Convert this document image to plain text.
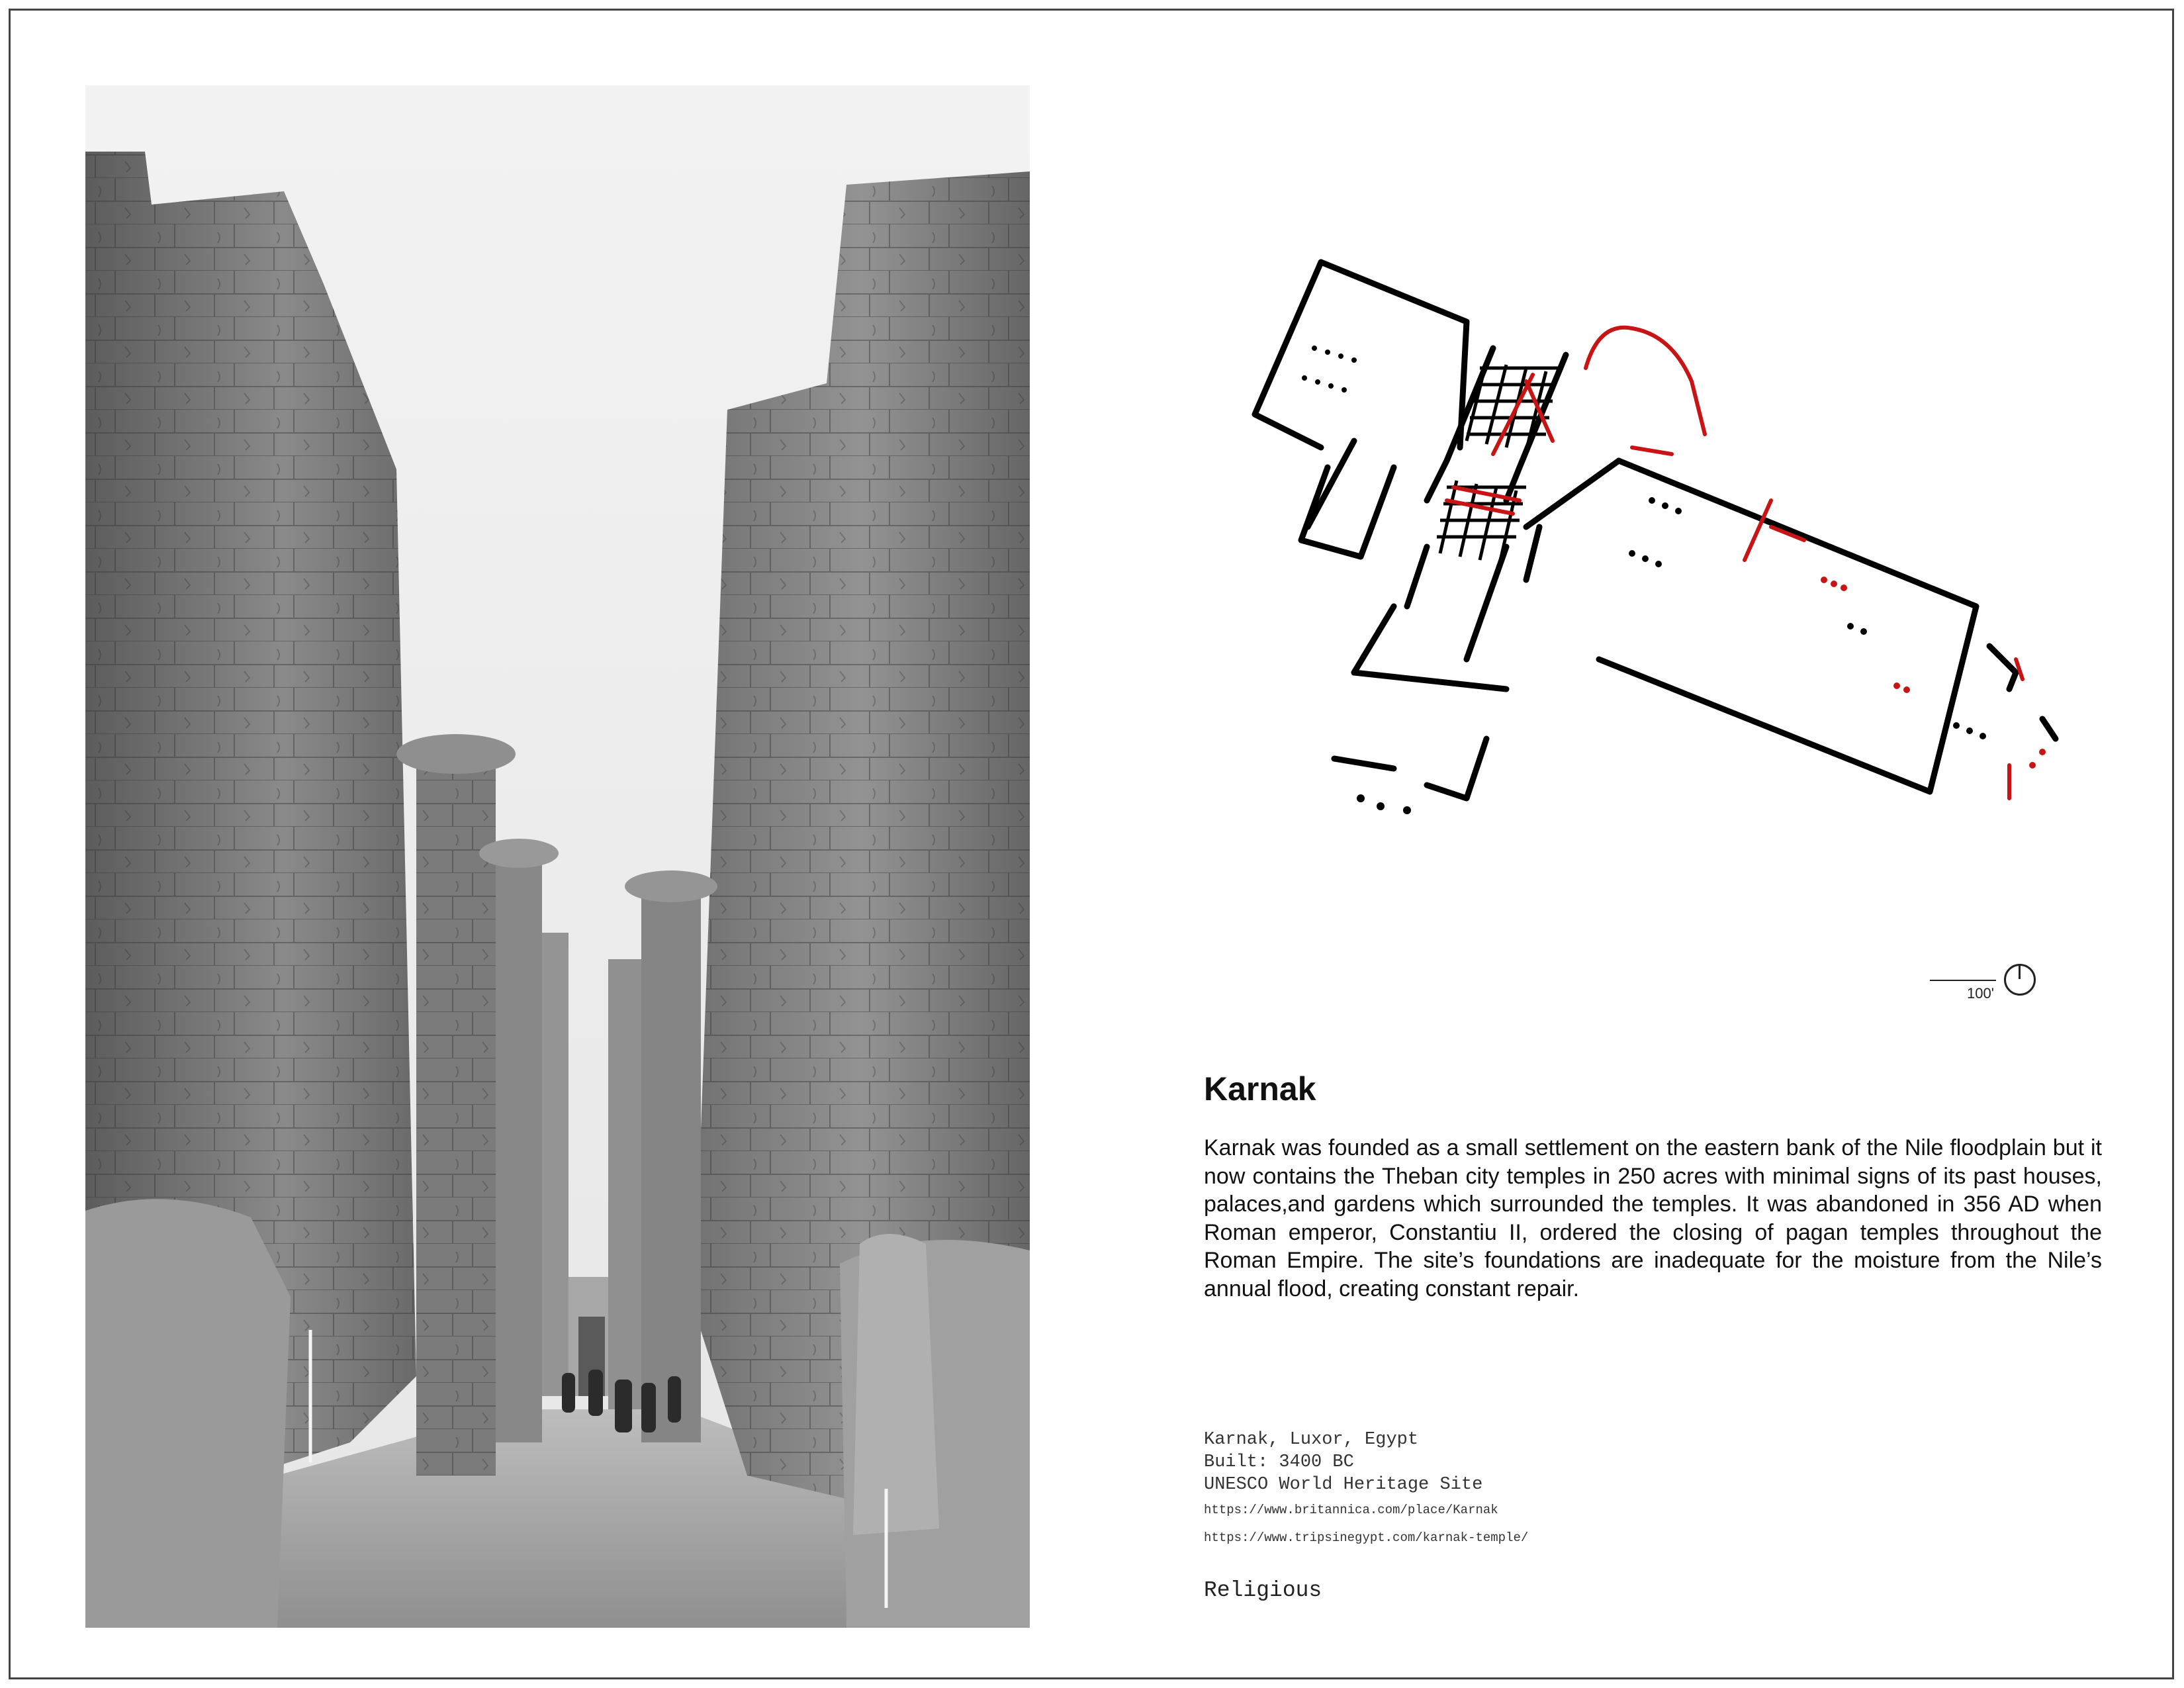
100'
Karnak

Karnak was founded as a small settlement on the eastern bank of the Nile floodplain but it now contains the Theban city temples in 250 acres with minimal signs of its past houses, palaces,and gardens which surrounded the temples. It was abandoned in 356 AD when Roman emperor, Constantiu II, ordered the closing of pagan temples throughout the Roman Empire. The site’s foundations are inadequate for the moisture from the Nile’s annual flood, creating constant repair.

Karnak, Luxor, Egypt
Built: 3400 BC
UNESCO World Heritage Site
https://www.britannica.com/place/Karnak
https://www.tripsinegypt.com/karnak-temple/
Religious
